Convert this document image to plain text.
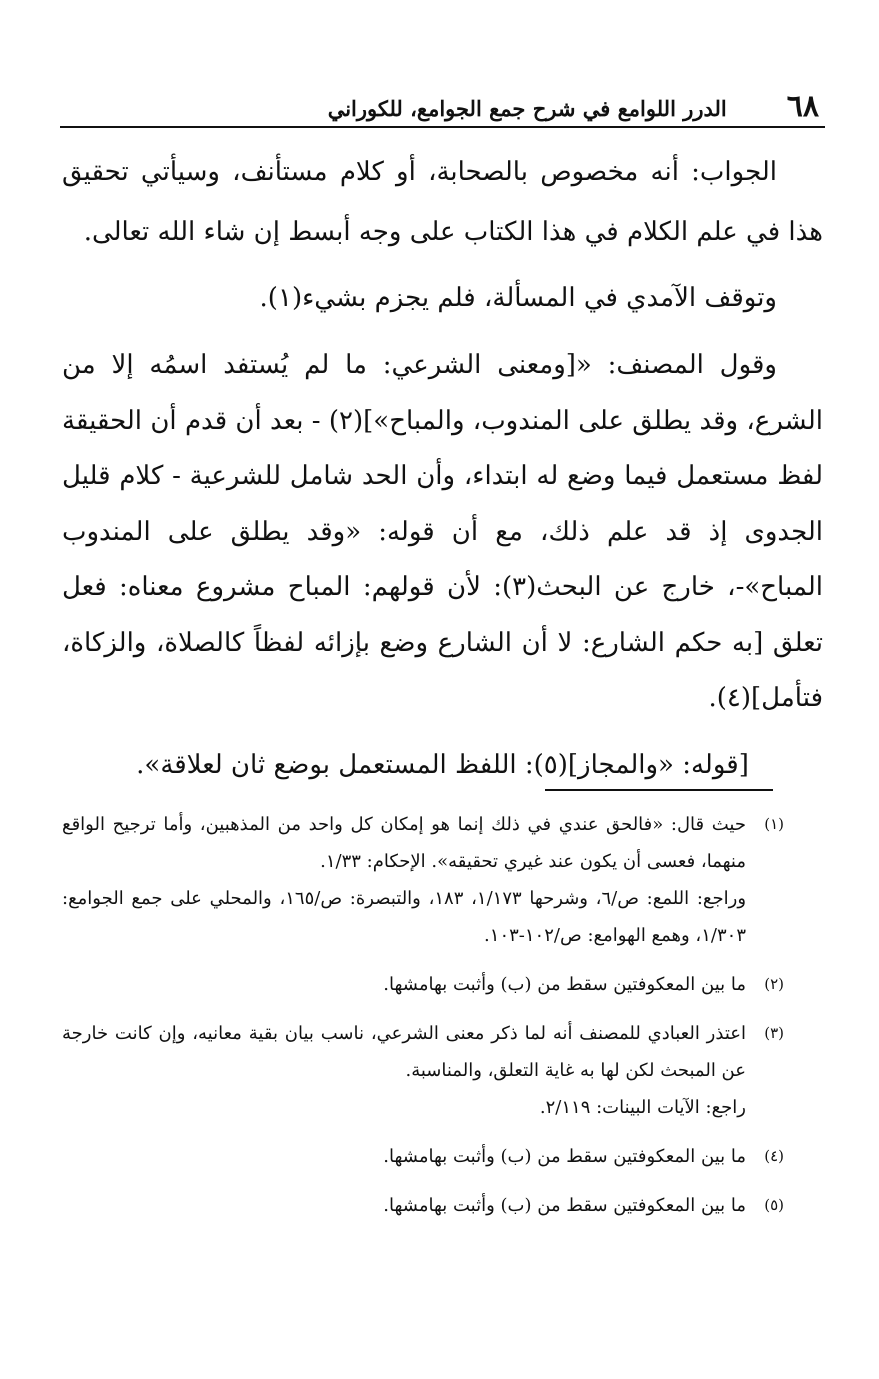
٦٨
الدرر اللوامع في شرح جمع الجوامع، للكوراني

الجواب: أنه مخصوص بالصحابة، أو كلام مستأنف، وسيأتي تحقيق هذا في علم الكلام في هذا الكتاب على وجه أبسط إن شاء الله تعالى.

وتوقف الآمدي في المسألة، فلم يجزم بشيء(١).

وقول المصنف: «[ومعنى الشرعي: ما لم يُستفد اسمُه إلا من الشرع، وقد يطلق على المندوب، والمباح»](٢) - بعد أن قدم أن الحقيقة لفظ مستعمل فيما وضع له ابتداء، وأن الحد شامل للشرعية - كلام قليل الجدوى إذ قد علم ذلك، مع أن قوله: «وقد يطلق على المندوب المباح»-، خارج عن البحث(٣): لأن قولهم: المباح مشروع معناه: فعل تعلق [به حكم الشارع: لا أن الشارع وضع بإزائه لفظاً كالصلاة، والزكاة، فتأمل](٤).

[قوله: «والمجاز](٥): اللفظ المستعمل بوضع ثان لعلاقة».

(١)

حيث قال: «فالحق عندي في ذلك إنما هو إمكان كل واحد من المذهبين، وأما ترجيح الواقع منهما، فعسى أن يكون عند غيري تحقيقه». الإحكام: ١/٣٣.

وراجع: اللمع: ص/٦، وشرحها ١/١٧٣، ١٨٣، والتبصرة: ص/١٦٥، والمحلي على جمع الجوامع: ١/٣٠٣، وهمع الهوامع: ص/١٠٢-١٠٣.

(٢)

ما بين المعكوفتين سقط من (ب) وأثبت بهامشها.

(٣)

اعتذر العبادي للمصنف أنه لما ذكر معنى الشرعي، ناسب بيان بقية معانيه، وإن كانت خارجة عن المبحث لكن لها به غاية التعلق، والمناسبة.

راجع: الآيات البينات: ٢/١١٩.

(٤)

ما بين المعكوفتين سقط من (ب) وأثبت بهامشها.

(٥)

ما بين المعكوفتين سقط من (ب) وأثبت بهامشها.
